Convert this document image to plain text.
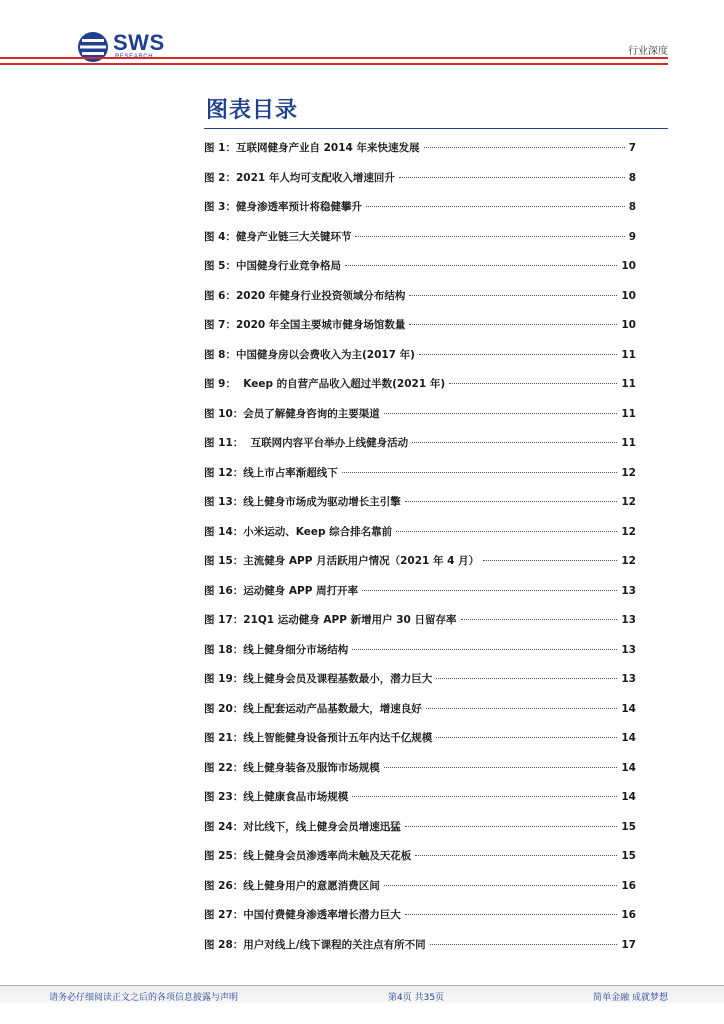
SWS	行业深度
图表目录
图 1：互联网健身产业自 2014 年来快速发展	7
图 2：2021 年人均可支配收入增速回升	8
图 3：健身渗透率预计将稳健攀升	8
图 4：健身产业链三大关键环节	9
图 5：中国健身行业竞争格局	10
图 6：2020 年健身行业投资领域分布结构	10
图 7：2020 年全国主要城市健身场馆数量	10
图 8：中国健身房以会费收入为主(2017 年)	11
图 9：  Keep 的自营产品收入超过半数(2021 年)	11
图 10：会员了解健身咨询的主要渠道	11
图 11：  互联网内容平台举办上线健身活动	11
图 12：线上市占率渐超线下	12
图 13：线上健身市场成为驱动增长主引擎	12
图 14：小米运动、Keep 综合排名靠前	12
图 15：主流健身 APP 月活跃用户情况（2021 年 4 月）	12
图 16：运动健身 APP 周打开率	13
图 17：21Q1 运动健身 APP 新增用户 30 日留存率	13
图 18：线上健身细分市场结构	13
图 19：线上健身会员及课程基数最小，潜力巨大	13
图 20：线上配套运动产品基数最大，增速良好	14
图 21：线上智能健身设备预计五年内达千亿规模	14
图 22：线上健身装备及服饰市场规模	14
图 23：线上健康食品市场规模	14
图 24：对比线下，线上健身会员增速迅猛	15
图 25：线上健身会员渗透率尚未触及天花板	15
图 26：线上健身用户的意愿消费区间	16
图 27：中国付费健身渗透率增长潜力巨大	16
图 28：用户对线上/线下课程的关注点有所不同	17
请务必仔细阅读正文之后的各项信息披露与声明	第4页 共35页	简单金融 成就梦想
